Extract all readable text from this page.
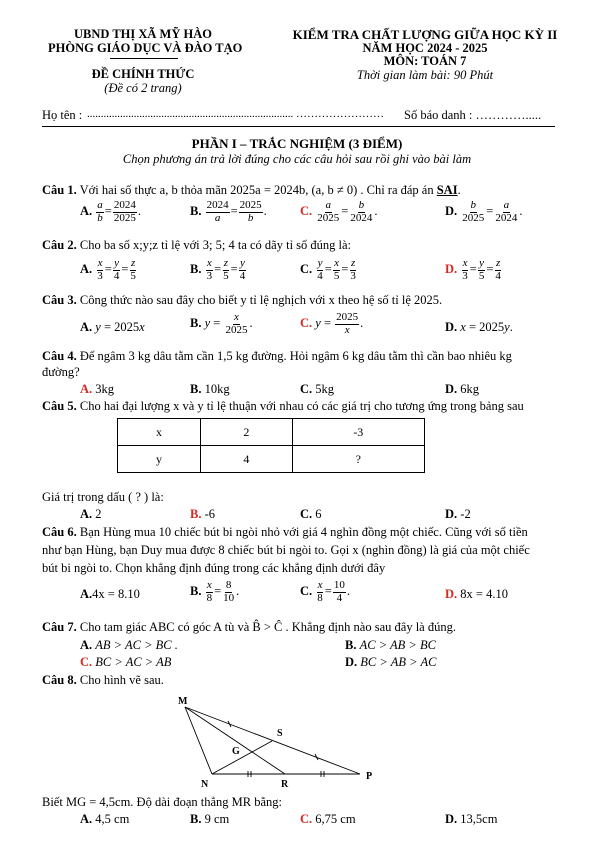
UBND THỊ XÃ MỸ HÀO
PHÒNG GIÁO DỤC VÀ ĐÀO TẠO
ĐỀ CHÍNH THỨC
(Đề có 2 trang)
KIỂM TRA CHẤT LƯỢNG GIỮA HỌC KỲ II
NĂM HỌC 2024 - 2025
MÔN: TOÁN 7
Thời gian làm bài: 90 Phút
Họ tên : ........................................................................... …………………… Số báo danh : ………….....
PHẦN I – TRẮC NGHIỆM (3 ĐIỂM)
Chọn phương án trả lời đúng cho các câu hỏi sau rồi ghi vào bài làm
Câu 1. Với hai số thực a, b thỏa mãn 2025a = 2024b, (a, b ≠ 0) . Chỉ ra đáp án SAI.
A. $\frac{a}{b} = \frac{2024}{2025}$ .	B. $\frac{2024}{a} = \frac{2025}{b}$ .	C. $\frac{a}{2025} = \frac{b}{2024}$ .	D. $\frac{b}{2025} = \frac{a}{2024}$ .
Câu 2. Cho ba số x;y;z tỉ lệ với 3; 5; 4 ta có dãy tỉ số đúng là:
A. $\frac{x}{3} = \frac{y}{4} = \frac{z}{5}$	B. $\frac{x}{3} = \frac{z}{5} = \frac{y}{4}$	C. $\frac{y}{4} = \frac{x}{5} = \frac{z}{3}$	D. $\frac{x}{3} = \frac{y}{5} = \frac{z}{4}$
Câu 3. Công thức nào sau đây cho biết y tỉ lệ nghịch với x theo hệ số tỉ lệ 2025.
A. y = 2025x	B. $y = \frac{x}{2025}$ .	C. $y = \frac{2025}{x}$ .	D. x = 2025y.
Câu 4. Để ngâm 3 kg dâu tằm cần 1,5 kg đường. Hỏi ngâm 6 kg dâu tằm thì cần bao nhiêu kg
đường?
A. 3kg	B. 10kg	C. 5kg	D. 6kg
Câu 5. Cho hai đại lượng x và y tỉ lệ thuận với nhau có các giá trị cho tương ứng trong bảng sau
x	2	-3
y	4	?
Giá trị trong dấu ( ? ) là:
A. 2	B. -6	C. 6	D. -2
Câu 6. Bạn Hùng mua 10 chiếc bút bi ngòi nhỏ với giá 4 nghìn đồng một chiếc. Cũng với số tiền
như bạn Hùng, bạn Duy mua được 8 chiếc bút bi ngòi to. Gọi x (nghìn đồng) là giá của một chiếc
bút bi ngòi to. Chọn khẳng định đúng trong các khẳng định dưới đây
A.4x = 8.10	B. $\frac{x}{8} = \frac{8}{10}$ .	C. $\frac{x}{8} = \frac{10}{4}$ .	D. 8x = 4.10
Câu 7. Cho tam giác ABC có góc A tù và B̂ > Ĉ . Khẳng định nào sau đây là đúng.
A. AB > AC > BC .	B. AC > AB > BC
C. BC > AC > AB	D. BC > AB > AC
Câu 8. Cho hình vẽ sau.
M
S
G
N	R
P
Biết MG = 4,5cm. Độ dài đoạn thẳng MR bằng:
A. 4,5 cm	B. 9 cm	C. 6,75 cm	D. 13,5cm
